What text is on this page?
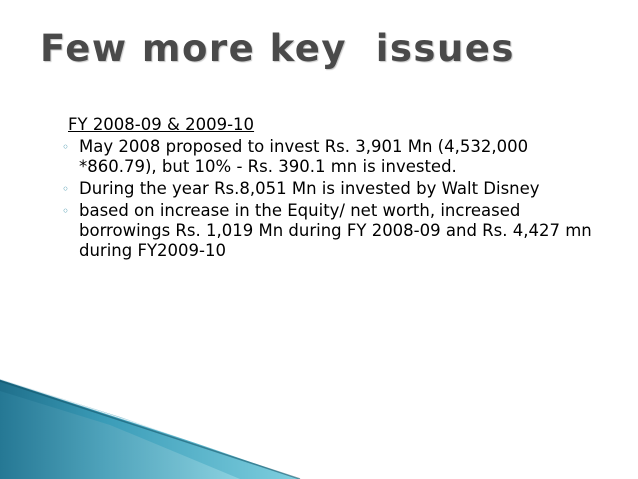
Few more key  issues
FY 2008-09 & 2009-10
◦ May 2008 proposed to invest Rs. 3,901 Mn (4,532,000 *860.79), but 10% - Rs. 390.1 mn is invested.
◦ During the year Rs.8,051 Mn is invested by Walt Disney
◦ based on increase in the Equity/ net worth, increased borrowings Rs. 1,019 Mn during FY 2008-09 and Rs. 4,427 mn during FY2009-10
